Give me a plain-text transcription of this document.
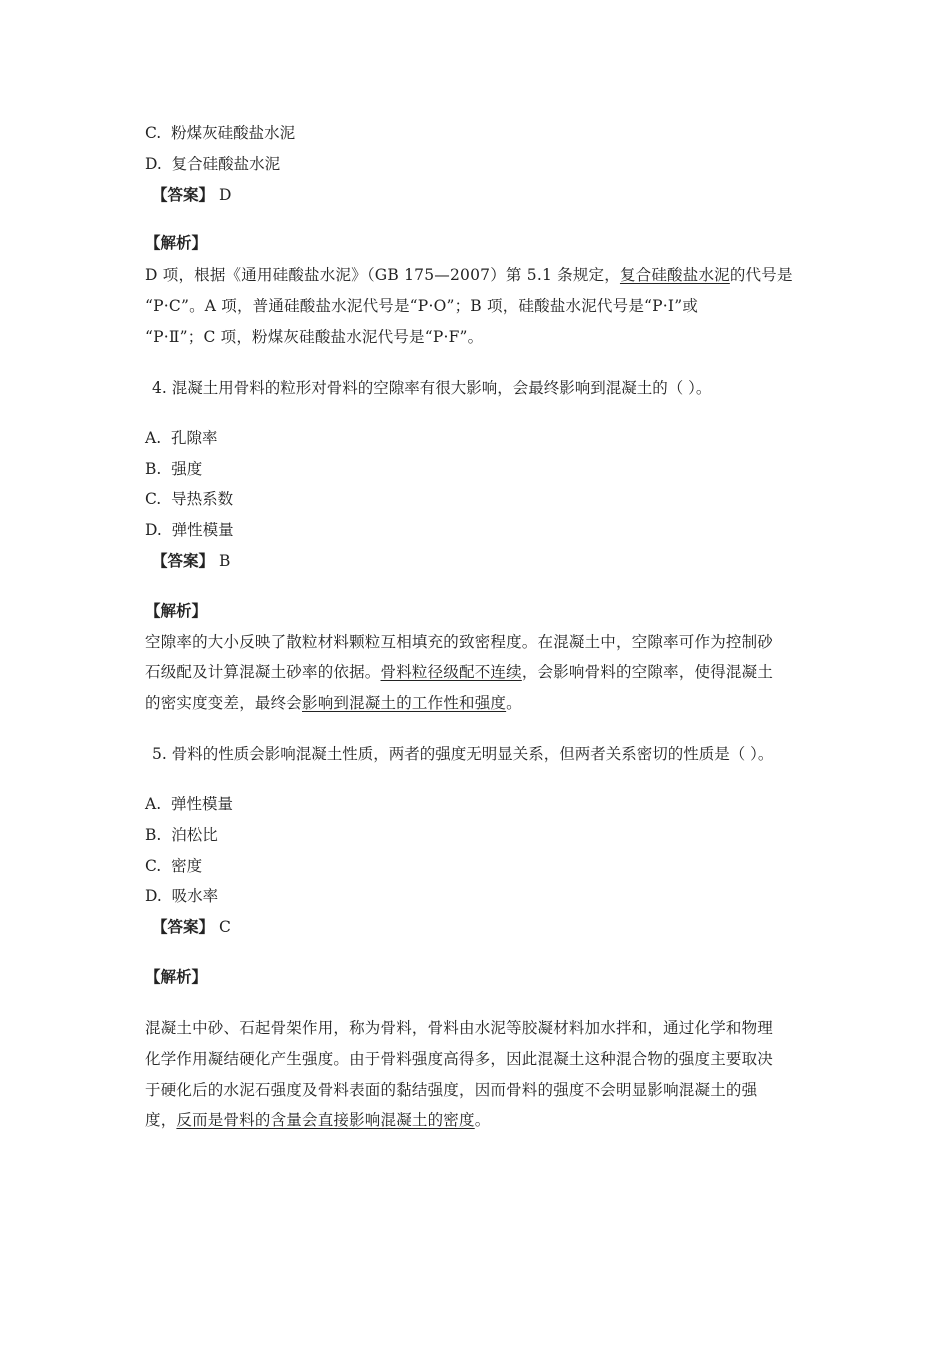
C. 粉煤灰硅酸盐水泥

D. 复合硅酸盐水泥

【答案】 D

【解析】

D 项，根据《通用硅酸盐水泥》（GB 175—2007）第 5.1 条规定，复合硅酸盐水泥的代号是

“P·C”。A 项，普通硅酸盐水泥代号是“P·O”；B 项，硅酸盐水泥代号是“P·Ⅰ”或

“P·Ⅱ”；C 项，粉煤灰硅酸盐水泥代号是“P·F”。

4. 混凝土用骨料的粒形对骨料的空隙率有很大影响，会最终影响到混凝土的（ ）。

A. 孔隙率

B. 强度

C. 导热系数

D. 弹性模量

【答案】 B

【解析】

空隙率的大小反映了散粒材料颗粒互相填充的致密程度。在混凝土中，空隙率可作为控制砂

石级配及计算混凝土砂率的依据。骨料粒径级配不连续，会影响骨料的空隙率，使得混凝土

的密实度变差，最终会影响到混凝土的工作性和强度。

5. 骨料的性质会影响混凝土性质，两者的强度无明显关系，但两者关系密切的性质是（ ）。

A. 弹性模量

B. 泊松比

C. 密度

D. 吸水率

【答案】 C

【解析】

混凝土中砂、石起骨架作用，称为骨料，骨料由水泥等胶凝材料加水拌和，通过化学和物理

化学作用凝结硬化产生强度。由于骨料强度高得多，因此混凝土这种混合物的强度主要取决

于硬化后的水泥石强度及骨料表面的黏结强度，因而骨料的强度不会明显影响混凝土的强

度，反而是骨料的含量会直接影响混凝土的密度。
